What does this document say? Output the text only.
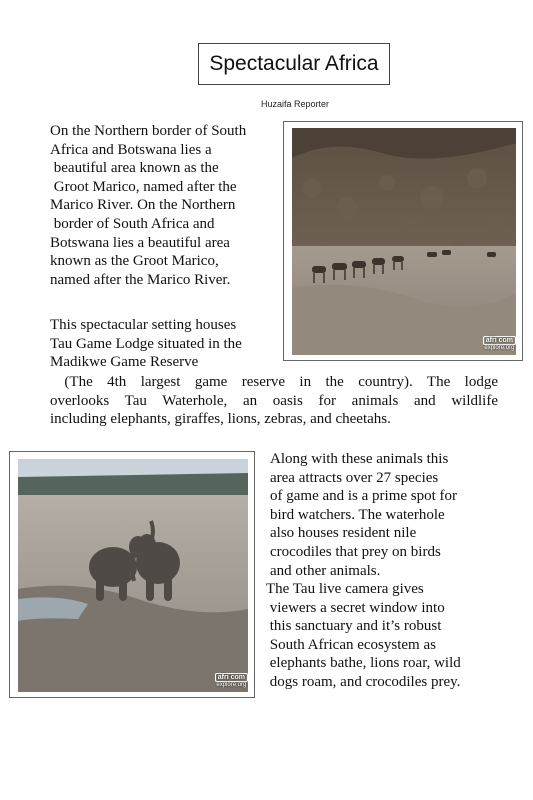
Spectacular Africa
Huzaifa Reporter
On the Northern border of South
Africa and Botswana lies a
beautiful area known as the
Groot Marico, named after the
Marico River. On the Northern
border of South Africa and
Botswana lies a beautiful area
known as the Groot Marico,
named after the Marico River.
This spectacular setting houses
Tau Game Lodge situated in the
Madikwe Game Reserve
(The 4th largest game reserve in the country). The lodge
overlooks Tau Waterhole, an oasis for animals and wildlife
including elephants, giraffes, lions, zebras, and cheetahs.
afri com
explore.org
afri com
explore.org
Along with these animals this
area attracts over 27 species
of game and is a prime spot for
bird watchers. The waterhole
also houses resident nile
crocodiles that prey on birds
and other animals.
The Tau live camera gives
viewers a secret window into
this sanctuary and it’s robust
South African ecosystem as
elephants bathe, lions roar, wild
dogs roam, and crocodiles prey.
